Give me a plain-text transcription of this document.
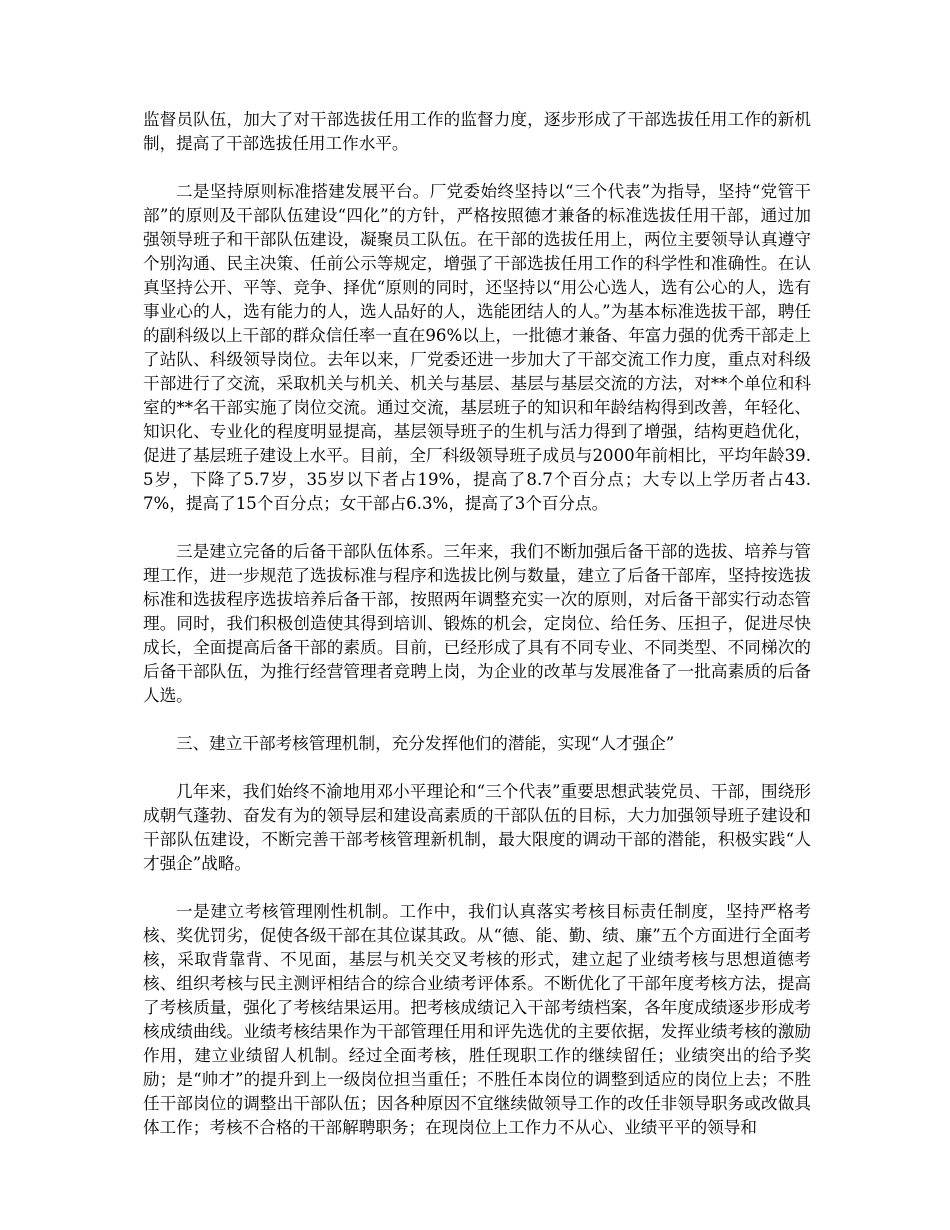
监督员队伍，加大了对干部选拔任用工作的监督力度，逐步形成了干部选拔任用工作的新机制，提高了干部选拔任用工作水平。

二是坚持原则标准搭建发展平台。厂党委始终坚持以“三个代表”为指导，坚持“党管干部”的原则及干部队伍建设“四化”的方针，严格按照德才兼备的标准选拔任用干部，通过加强领导班子和干部队伍建设，凝聚员工队伍。在干部的选拔任用上，两位主要领导认真遵守个别沟通、民主决策、任前公示等规定，增强了干部选拔任用工作的科学性和准确性。在认真坚持公开、平等、竞争、择优“原则的同时，还坚持以“用公心选人，选有公心的人，选有事业心的人，选有能力的人，选人品好的人，选能团结人的人。”为基本标准选拔干部，聘任的副科级以上干部的群众信任率一直在96%以上，一批德才兼备、年富力强的优秀干部走上了站队、科级领导岗位。去年以来，厂党委还进一步加大了干部交流工作力度，重点对科级干部进行了交流，采取机关与机关、机关与基层、基层与基层交流的方法，对**个单位和科室的**名干部实施了岗位交流。通过交流，基层班子的知识和年龄结构得到改善，年轻化、知识化、专业化的程度明显提高，基层领导班子的生机与活力得到了增强，结构更趋优化，促进了基层班子建设上水平。目前，全厂科级领导班子成员与2000年前相比，平均年龄39.5岁，下降了5.7岁，35岁以下者占19%，提高了8.7个百分点；大专以上学历者占43.7%，提高了15个百分点；女干部占6.3%，提高了3个百分点。

三是建立完备的后备干部队伍体系。三年来，我们不断加强后备干部的选拔、培养与管理工作，进一步规范了选拔标准与程序和选拔比例与数量，建立了后备干部库，坚持按选拔标准和选拔程序选拔培养后备干部，按照两年调整充实一次的原则，对后备干部实行动态管理。同时，我们积极创造使其得到培训、锻炼的机会，定岗位、给任务、压担子，促进尽快成长，全面提高后备干部的素质。目前，已经形成了具有不同专业、不同类型、不同梯次的后备干部队伍，为推行经营管理者竞聘上岗，为企业的改革与发展准备了一批高素质的后备人选。

三、建立干部考核管理机制，充分发挥他们的潜能，实现“人才强企”

几年来，我们始终不渝地用邓小平理论和“三个代表”重要思想武装党员、干部，围绕形成朝气蓬勃、奋发有为的领导层和建设高素质的干部队伍的目标，大力加强领导班子建设和干部队伍建设，不断完善干部考核管理新机制，最大限度的调动干部的潜能，积极实践“人才强企”战略。

一是建立考核管理刚性机制。工作中，我们认真落实考核目标责任制度，坚持严格考核、奖优罚劣，促使各级干部在其位谋其政。从“德、能、勤、绩、廉”五个方面进行全面考核，采取背靠背、不见面，基层与机关交叉考核的形式，建立起了业绩考核与思想道德考核、组织考核与民主测评相结合的综合业绩考评体系。不断优化了干部年度考核方法，提高了考核质量，强化了考核结果运用。把考核成绩记入干部考绩档案，各年度成绩逐步形成考核成绩曲线。业绩考核结果作为干部管理任用和评先选优的主要依据，发挥业绩考核的激励作用，建立业绩留人机制。经过全面考核，胜任现职工作的继续留任；业绩突出的给予奖励；是“帅才”的提升到上一级岗位担当重任；不胜任本岗位的调整到适应的岗位上去；不胜任干部岗位的调整出干部队伍；因各种原因不宜继续做领导工作的改任非领导职务或改做具体工作；考核不合格的干部解聘职务；在现岗位上工作力不从心、业绩平平的领导和
